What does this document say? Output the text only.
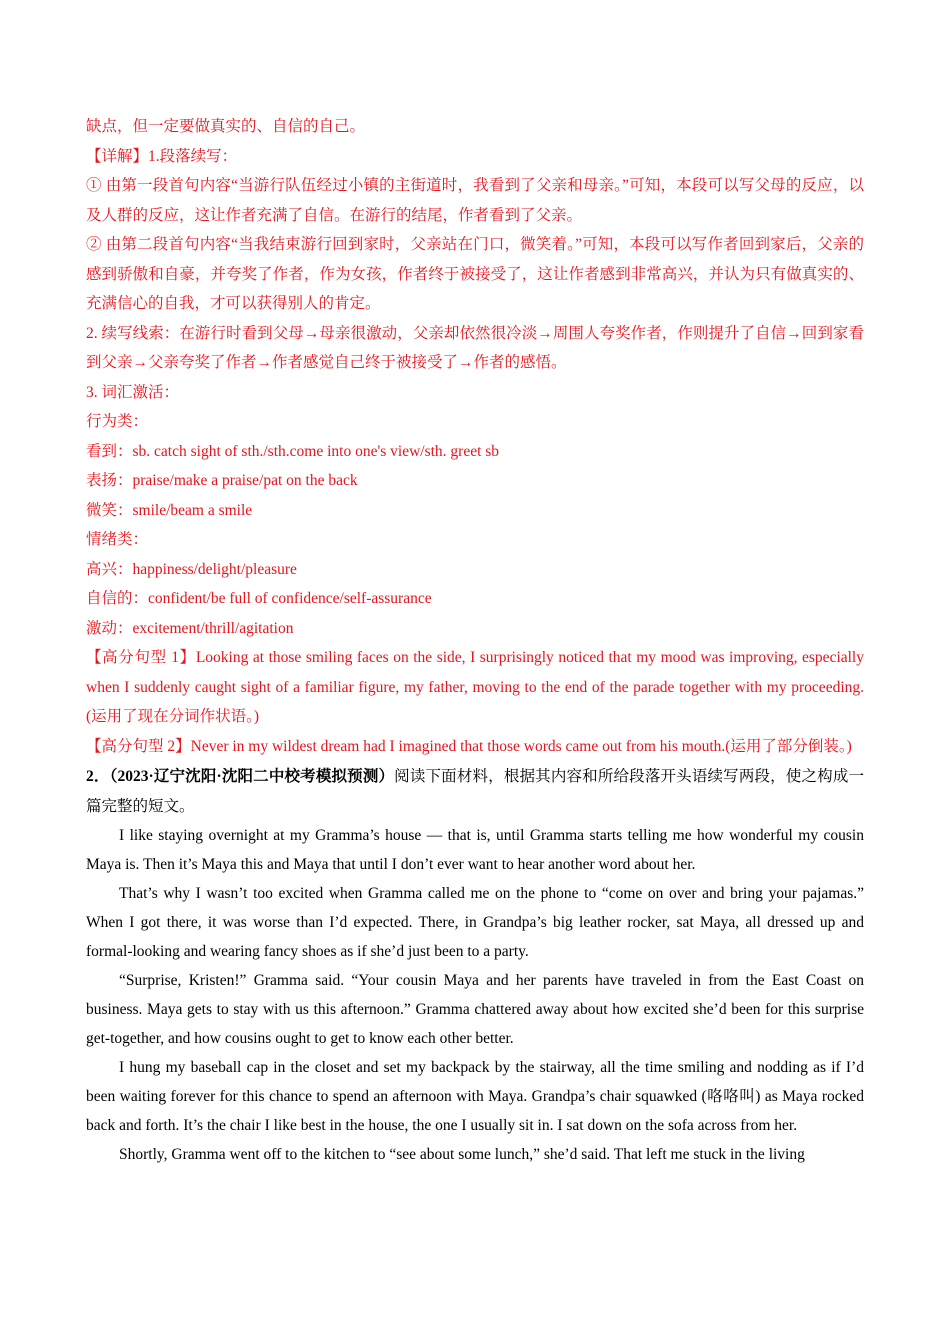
缺点，但一定要做真实的、自信的自己。

【详解】1.段落续写：

① 由第一段首句内容“当游行队伍经过小镇的主街道时，我看到了父亲和母亲。”可知，本段可以写父母的反应，以及人群的反应，这让作者充满了自信。在游行的结尾，作者看到了父亲。

② 由第二段首句内容“当我结束游行回到家时，父亲站在门口，微笑着。”可知，本段可以写作者回到家后，父亲的感到骄傲和自豪，并夸奖了作者，作为女孩，作者终于被接受了，这让作者感到非常高兴，并认为只有做真实的、充满信心的自我，才可以获得别人的肯定。

2. 续写线索：在游行时看到父母→母亲很激动，父亲却依然很冷淡→周围人夸奖作者，作则提升了自信→回到家看到父亲→父亲夸奖了作者→作者感觉自己终于被接受了→作者的感悟。

3. 词汇激活：

行为类：

看到：sb. catch sight of sth./sth.come into one's view/sth. greet sb

表扬：praise/make a praise/pat on the back

微笑：smile/beam a smile

情绪类：

高兴：happiness/delight/pleasure

自信的：confident/be full of confidence/self-assurance

激动：excitement/thrill/agitation

【高分句型 1】Looking at those smiling faces on the side, I surprisingly noticed that my mood was improving, especially when I suddenly caught sight of a familiar figure, my father, moving to the end of the parade together with my proceeding.(运用了现在分词作状语。)

【高分句型 2】Never in my wildest dream had I imagined that those words came out from his mouth.(运用了部分倒装。)

2．（2023·辽宁沈阳·沈阳二中校考模拟预测）阅读下面材料，根据其内容和所给段落开头语续写两段，使之构成一篇完整的短文。

I like staying overnight at my Gramma’s house — that is, until Gramma starts telling me how wonderful my cousin Maya is. Then it’s Maya this and Maya that until I don’t ever want to hear another word about her.

That’s why I wasn’t too excited when Gramma called me on the phone to “come on over and bring your pajamas.” When I got there, it was worse than I’d expected. There, in Grandpa’s big leather rocker, sat Maya, all dressed up and formal-looking and wearing fancy shoes as if she’d just been to a party.

“Surprise, Kristen!” Gramma said. “Your cousin Maya and her parents have traveled in from the East Coast on business. Maya gets to stay with us this afternoon.” Gramma chattered away about how excited she’d been for this surprise get-together, and how cousins ought to get to know each other better.

I hung my baseball cap in the closet and set my backpack by the stairway, all the time smiling and nodding as if I’d been waiting forever for this chance to spend an afternoon with Maya. Grandpa’s chair squawked (咯咯叫) as Maya rocked back and forth. It’s the chair I like best in the house, the one I usually sit in. I sat down on the sofa across from her.

Shortly, Gramma went off to the kitchen to “see about some lunch,” she’d said. That left me stuck in the living
